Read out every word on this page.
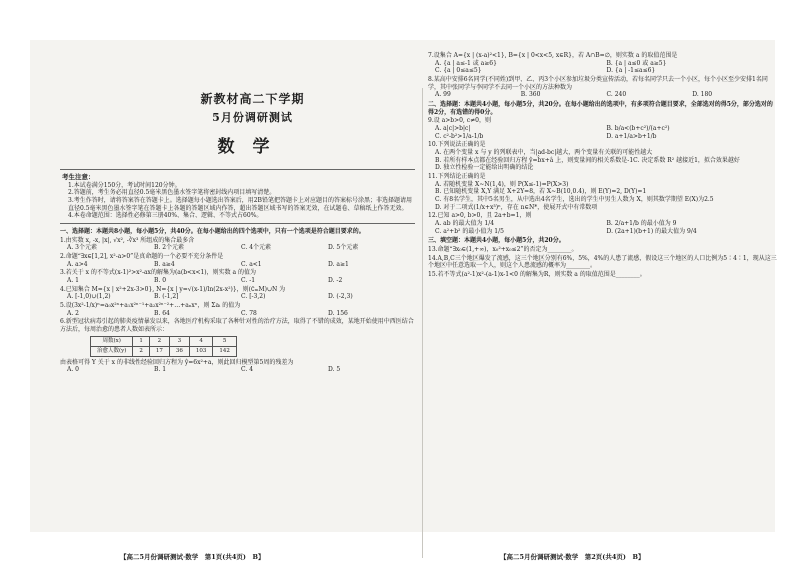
新教材高二下学期
5月份调研测试
数学
考生注意：
1.本试卷满分150分，考试时间120分钟。
2.答题前，考生务必用直径0.5毫米黑色墨水签字笔将密封线内项目填写清楚。
3.考生作答时，请将答案答在答题卡上。选择题每小题选出答案后，用2B铅笔把答题卡上对应题目的答案标号涂黑；非选择题请用直径0.5毫米黑色墨水签字笔在答题卡上各题的答题区域内作答，超出答题区域书写的答案无效，在试题卷、草稿纸上作答无效。
4.本卷命题范围：选择性必修第三册40%、集合、逻辑、不等式占60%。
一、选择题：本题共8小题，每小题5分，共40分。在每小题给出的四个选项中，只有一个选项是符合题目要求的。
1.由实数 x, -x, |x|, √x², -∛x³ 所组成的集合最多含
A. 3个元素	B. 2个元素	C. 4个元素	D. 5个元素
2.命题“∃x∈[1,2], x²-a>0”是真命题的一个必要不充分条件是
A. a>4	B. a≥4	C. a<1	D. a≥1
3.若关于 x 的不等式(x-1)²>x²-ax的解集为(a(b<x<1)，则实数 a 的值为
A. 1	B. 0	C. -1	D. -2
4.已知集合 M={x | x²+2x-3>0}, N={x | y=√(x-1)/ln(2x-x²)}，则(∁ₘM)∪N 为
A. [-1,0)∪(1,2)	B. (-1,2]	C. [-3,2)	D. (-2,3)
5.设(3x²-1/x)ⁿ=a₀x²ⁿ+a₁x²ⁿ⁻¹+a₂x²ⁿ⁻²+…+aₙxⁿ，则 Σaᵢ 的值为
A. 2	B. 64	C. 78	D. 156
6.新型冠状病毒引起的肺炎疫情暴发以来，各地医疗机构采取了各种针对性的治疗方法，取得了不错的成效，某地开始使用中西医结合方法后，每周治愈的患者人数如表所示：
周数(x)	1	2	3	4	5
治愈人数(y)	2	17	36	103	142
由表格可得 Y 关于 x 的非线性经验回归方程为 ŷ=6x²+a，则此回归模型第5周的残差为
A. 0	B. 1	C. 4	D. 5
7.设集合 A={x | (x-a)²<1}, B={x | 0<x<5, x∈R}，若 A∩B=∅，则实数 a 的取值范围是
A. {a | a≤-1 或 a≥6}	B. {a | a≤0 或 a≥5}
C. {a | 0≤a≤5}	D. {a | -1≤a≤6}
8.某高中安排6名同学(不同姓)到甲、乙、丙3个小区参加垃圾分类宣传活动，若每名同学只去一个小区，每个小区至少安排1名同学，其中张同学与李同学不去同一个小区的方法种数为
A. 99	B. 360	C. 240	D. 180
二、选择题：本题共4小题，每小题5分，共20分。在每小题给出的选项中，有多项符合题目要求，全部选对的得5分，部分选对的得2分，有选错的得0分。
9.设 a>b>0, c≠0，则
A. a|c|>b|c|	B. b/a<(b+c²)/(a+c²)
C. c²-b²>1/a-1/b	D. a+1/a>b+1/b
10.下列说法正确的是
A. 在两个变量 x 与 y 的列联表中，当|ad-bc|越大，两个变量有关联的可能性越大
B. 若所有样本点都在经验回归方程 ŷ=b̂x+â 上，则变量间的相关系数是-1 C. 决定系数 R² 越接近1，拟合效果越好
D. 独立性检验一定能给出明确的结论
11.下列结论正确的是
A. 若随机变量 X~N(1,4)，则 P(X≤-1)=P(X>3)
B. 已知随机变量 X,Y 满足 X+2Y=8，若 X~B(10,0.4)，则 E(Y)=2, D(Y)=1
C. 有8名学生，其中5名男生，从中选出4名学生，选出的学生中男生人数为 X，则其数学期望 E(X)为2.5
D. 对于二项式(1/x+x³)ⁿ，存在 n∈N*，使展开式中有常数项
12.已知 a>0, b>0，且 2a+b=1，则
A. ab 的最大值为 1/4	B. 2/a+1/b 的最小值为 9
C. a²+b² 的最小值为 1/5	D. (2a+1)(b+1) 的最大值为 9/4
三、填空题：本题共4小题，每小题5分，共20分。
13.命题“∃x₀∈(1,+∞)，x₀²+x₀≤2”的否定为________。
14.A,B,C三个地区爆发了流感，这三个地区分别有6%，5%，4%的人患了流感，假设这三个地区的人口比例为5∶4∶1，现从这三个地区中任意选取一个人，则这个人患流感的概率为________。
15.若不等式(a²-1)x²-(a-1)x-1<0 的解集为R，则实数 a 的取值范围是________。
【高二5月份调研测试·数学　第1页(共4页)　B】	【高二5月份调研测试·数学　第2页(共4页)　B】
